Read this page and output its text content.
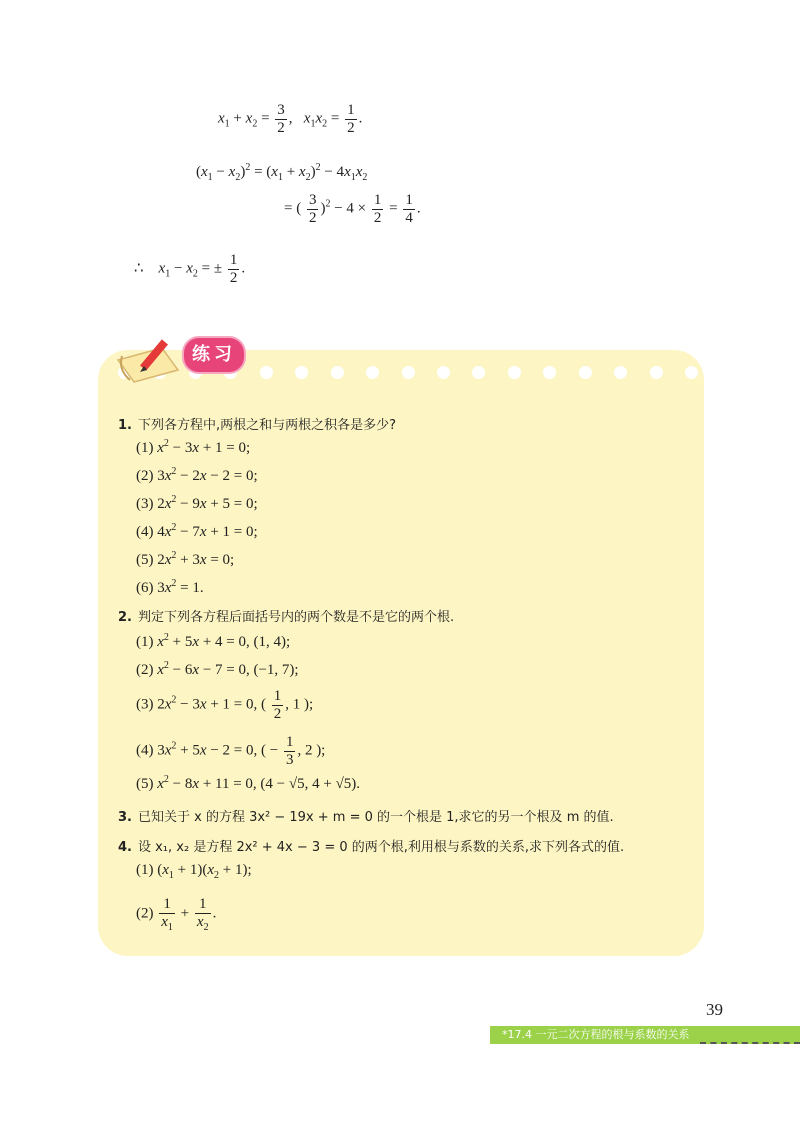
$x_1 + x_2 = \frac{3}{2}$ ,   $x_1x_2 = \frac{1}{2}$ .
$(x_1 - x_2)^2 = (x_1 + x_2)^2 - 4x_1x_2$
= ( $\frac{3}{2} )^2 - 4 \times \frac{1}{2} = \frac{1}{4}$ .
∴    $x_1 - x_2$ = ± $\frac{1}{2}$ .
练习
1. 下列各方程中,两根之和与两根之积各是多少?
(1) $x^2 - 3x + 1 = 0$;
(2) $3x^2 - 2x - 2 = 0$;
(3) $2x^2 - 9x + 5 = 0$;
(4) $4x^2 - 7x + 1 = 0$;
(5) $2x^2 + 3x = 0$;
(6) $3x^2 = 1$.
2. 判定下列各方程后面括号内的两个数是不是它的两个根.
(1) $x^2 + 5x + 4 = 0$, (1, 4);
(2) $x^2 - 6x - 7 = 0$, (−1, 7);
(3) $2x^2 - 3x + 1 = 0$, ( $\frac{1}{2}$ , 1 );
(4) $3x^2 + 5x - 2 = 0$, ( − $\frac{1}{3}$ , 2 );
(5) $x^2 - 8x + 11 = 0$, (4 − √5, 4 + √5).
3. 已知关于 x 的方程 3x² − 19x + m = 0 的一个根是 1,求它的另一个根及 m 的值.
4. 设 x₁, x₂ 是方程 2x² + 4x − 3 = 0 的两个根,利用根与系数的关系,求下列各式的值.
(1) $(x_1 + 1)(x_2 + 1)$;
$(2) \frac{1}{x_1} + \frac{1}{x_2}$ .
39
*17.4 一元二次方程的根与系数的关系
